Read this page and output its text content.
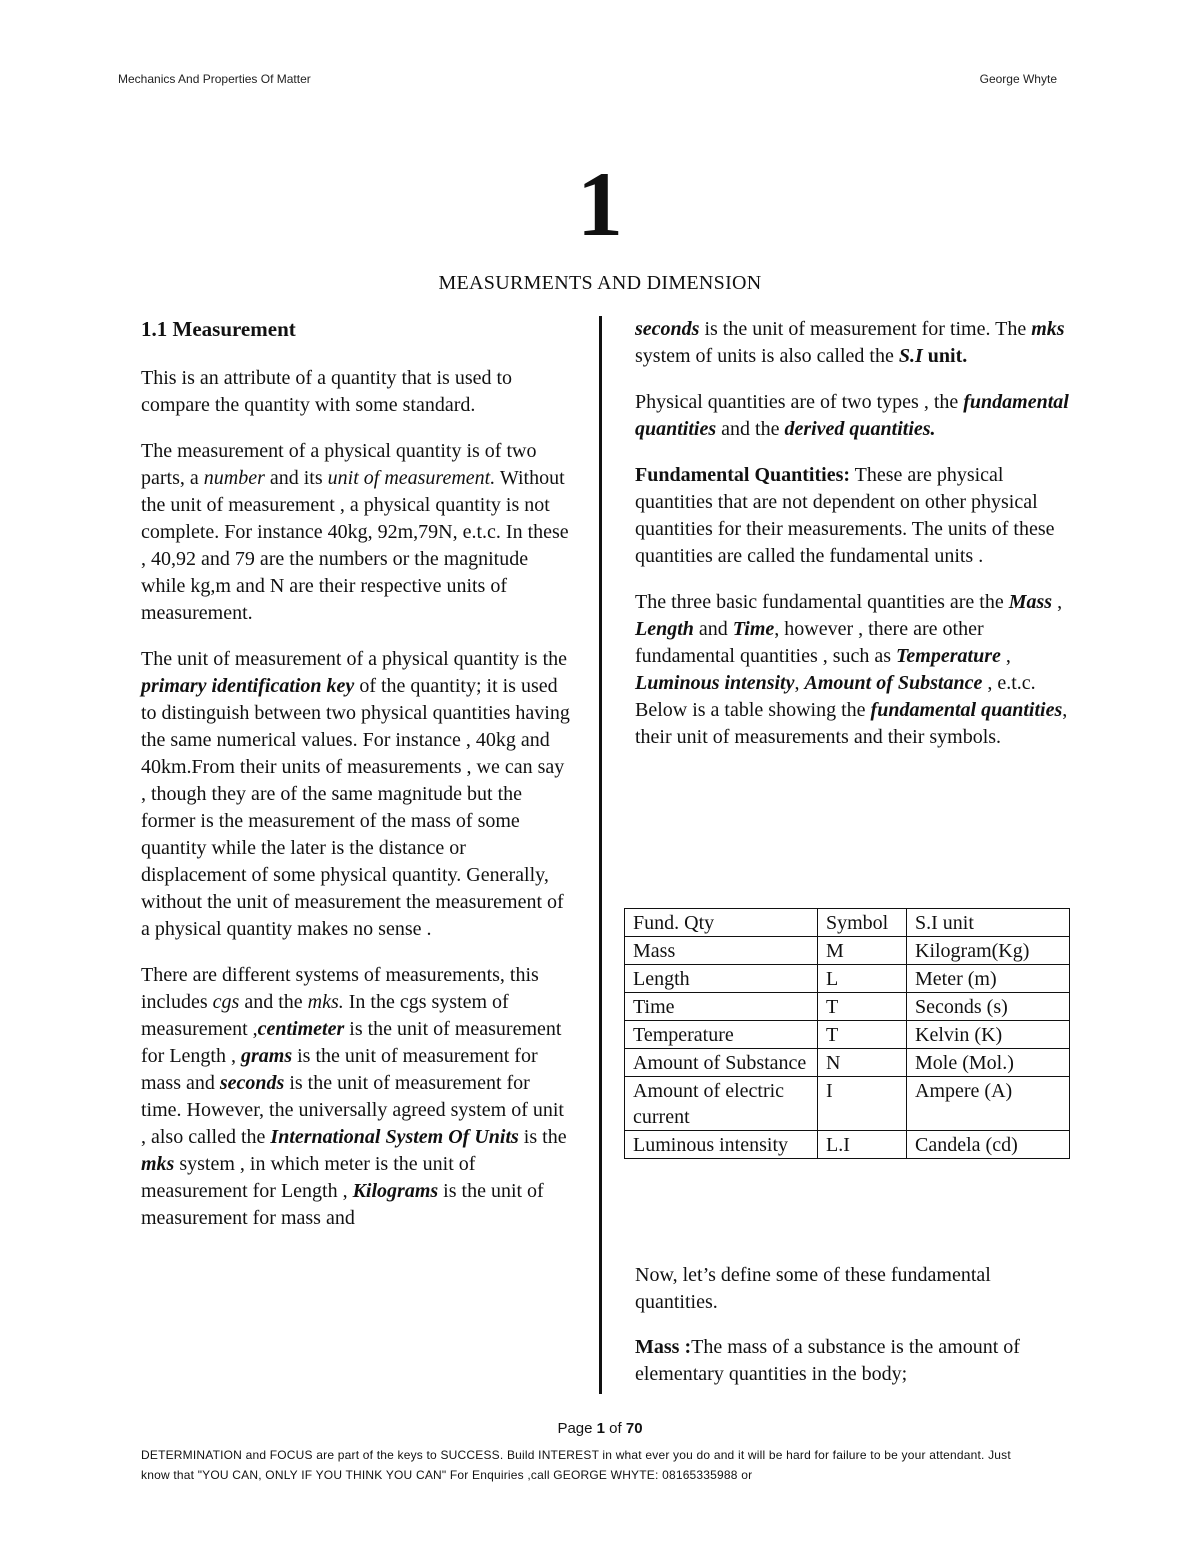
Mechanics And Properties Of Matter	George Whyte
1
MEASURMENTS AND DIMENSION
1.1 Measurement

This is an attribute of a quantity that is used to compare the quantity with some standard.

The measurement of a physical quantity is of two parts, a number and its unit of measurement. Without the unit of measurement , a physical quantity is not complete. For instance 40kg, 92m,79N, e.t.c. In these , 40,92 and 79 are the numbers or the magnitude while kg,m and N are their respective units of measurement.

The unit of measurement of a physical quantity is the primary identification key of the quantity; it is used to distinguish between two physical quantities having the same numerical values. For instance , 40kg and 40km.From their units of measurements , we can say , though they are of the same magnitude but the former is the measurement of the mass of some quantity while the later is the distance or displacement of some physical quantity. Generally, without the unit of measurement the measurement of a physical quantity makes no sense .

There are different systems of measurements, this includes cgs and the mks. In the cgs system of measurement ,centimeter is the unit of measurement for Length , grams is the unit of measurement for mass and seconds is the unit of measurement for time. However, the universally agreed system of unit , also called the International System Of Units is the mks system , in which meter is the unit of measurement for Length , Kilograms is the unit of measurement for mass and

seconds is the unit of measurement for time. The mks system of units is also called the S.I unit.

Physical quantities are of two types , the fundamental quantities and the derived quantities.

Fundamental Quantities: These are physical quantities that are not dependent on other physical quantities for their measurements. The units of these quantities are called the fundamental units .

The three basic fundamental quantities are the Mass , Length and Time, however , there are other fundamental quantities , such as Temperature , Luminous intensity, Amount of Substance , e.t.c. Below is a table showing the fundamental quantities, their unit of measurements and their symbols.

Fund. Qty	Symbol	S.I unit
Mass	M	Kilogram(Kg)
Length	L	Meter (m)
Time	T	Seconds (s)
Temperature	T	Kelvin (K)
Amount of Substance	N	Mole (Mol.)
Amount of electric current	I	Ampere (A)
Luminous intensity	L.I	Candela (cd)

Now, let’s define some of these fundamental quantities.

Mass :The mass of a substance is the amount of elementary quantities in the body;

Page 1 of 70
DETERMINATION and FOCUS are part of the keys to SUCCESS. Build INTEREST in what ever you do and it will be hard for failure to be your attendant. Just know that "YOU CAN, ONLY IF YOU THINK YOU CAN" For Enquiries ,call GEORGE WHYTE: 08165335988 or
